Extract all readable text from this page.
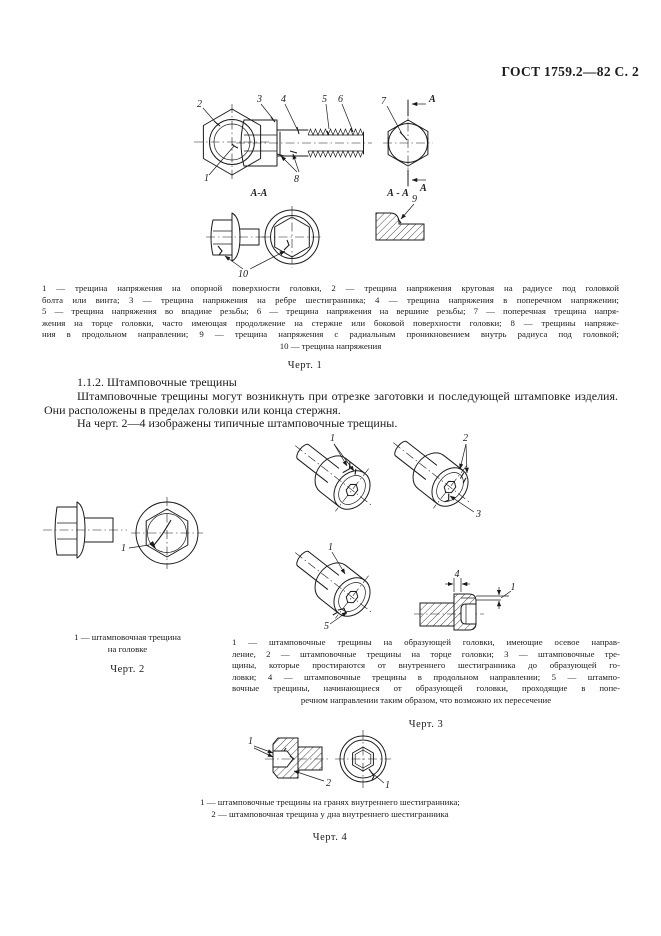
ГОСТ 1759.2—82 С. 2
2
1
3 4	5 6
8
А
А
7
А-А	А - А
10
9
1 — трещина напряжения на опорной поверхности головки, 2 — трещина напряжения круговая на радиусе под головкой
болта или винта; 3 — трещина напряжения на ребре шестигранника; 4 — трещина напряжения в поперечном напряжении;
5 — трещина напряжения во впадине резьбы; 6 — трещина напряжения на вершине резьбы; 7 — поперечная трещина напря-
жения на торце головки, часто имеющая продолжение на стержне или боковой поверхности головки; 8 — трещины напряже-
ния в продольном направлении; 9 — трещина напряжения с радиальным проникновением внутрь радиуса под головкой;
10 — трещина напряжения
Черт. 1

1.1.2. Штамповочные трещины

Штамповочные трещины могут возникнуть при отрезке заготовки и последующей штамповке изделия. Они расположены в пределах головки или конца стержня.

На черт. 2—4 изображены типичные штамповочные трещины.

1
1 — штамповочная трещина
на головке
Черт. 2
1	2
3
1
5
4
1
1 — штамповочные трещины на образующей головки, имеющие осевое направ-
ление, 2 — штамповочные трещины на торце головки; 3 — штамповочные тре-
щины, которые простираются от внутреннего шестигранника до образующей го-
ловки; 4 — штамповочные трещины в продольном направлении; 5 — штампо-
вочные трещины, начинающиеся от образующей головки, проходящие в попе-
речном направлении таким образом, что возможно их пересечение
Черт. 3
1
2	1
1 — штамповочные трещины на гранях внутреннего шестигранника;
2 — штамповочная трещина у дна внутреннего шестигранника
Черт. 4
